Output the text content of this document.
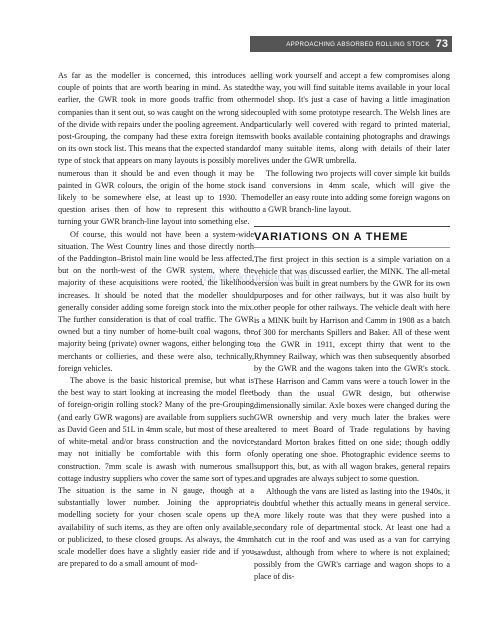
APPROACHING ABSORBED ROLLING STOCK 73

As far as the modeller is concerned, this introduces a couple of points that are worth bearing in mind. As stated earlier, the GWR took in more goods traffic from other companies than it sent out, so was caught on the wrong side of the divide with repairs under the pooling agreement. And post-Grouping, the company had these extra foreign items on its own stock list. This means that the expected standard type of stock that appears on many layouts is possibly more numerous than it should be and even though it may be painted in GWR colours, the origin of the home stock is likely to be somewhere else, at least up to 1930. The question arises then of how to represent this without turning your GWR branch-line layout into something else.

Of course, this would not have been a system-wide situation. The West Country lines and those directly north of the Paddington–Bristol main line would be less affected, but on the north-west of the GWR system, where the majority of these acquisitions were rooted, the likelihood increases. It should be noted that the modeller should generally consider adding some foreign stock into the mix. The further consideration is that of coal traffic. The GWR owned but a tiny number of home-built coal wagons, the majority being (private) owner wagons, either belonging to merchants or collieries, and these were also, technically, foreign vehicles.

The above is the basic historical premise, but what is the best way to start looking at increasing the model fleet of foreign-origin rolling stock? Many of the pre-Grouping (and early GWR wagons) are available from suppliers such as David Geen and 51L in 4mm scale, but most of these are of white-metal and/or brass construction and the novice may not initially be comfortable with this form of construction. 7mm scale is awash with numerous small cottage industry suppliers who cover the same sort of types. The situation is the same in N gauge, though at a substantially lower number. Joining the appropriate modelling society for your chosen scale opens up the availability of such items, as they are often only available, or publicized, to these closed groups. As always, the 4mm scale modeller does have a slightly easier ride and if you are prepared to do a small amount of mod-

elling work yourself and accept a few compromises along the way, you will find suitable items available in your local model shop. It's just a case of having a little imagination coupled with some prototype research. The Welsh lines are particularly well covered with regard to printed material, with books available containing photographs and drawings of many suitable items, along with details of their later lives under the GWR umbrella.

The following two projects will cover simple kit builds and conversions in 4mm scale, which will give the modeller an easy route into adding some foreign wagons on to a GWR branch-line layout.

VARIATIONS ON A THEME

The first project in this section is a simple variation on a vehicle that was discussed earlier, the MINK. The all-metal version was built in great numbers by the GWR for its own purposes and for other railways, but it was also built by other people for other railways. The vehicle dealt with here is a MINK built by Harrison and Camm in 1908 as a batch of 300 for merchants Spillers and Baker. All of these went to the GWR in 1911, except thirty that went to the Rhymney Railway, which was then subsequently absorbed by the GWR and the wagons taken into the GWR's stock. These Harrison and Camm vans were a touch lower in the body than the usual GWR design, but otherwise dimensionally similar. Axle boxes were changed during the GWR ownership and very much later the brakes were altered to meet Board of Trade regulations by having standard Morton brakes fitted on one side; though oddly only operating one shoe. Photographic evidence seems to support this, but, as with all wagon brakes, general repairs and upgrades are always subject to some question.

Although the vans are listed as lasting into the 1940s, it is doubtful whether this actually means in general service. A more likely route was that they were pushed into a secondary role of departmental stock. At least one had a hatch cut in the roof and was used as a van for carrying sawdust, although from where to where is not explained; possibly from the GWR's carriage and wagon shops to a place of dis-

www.bookprinting.com
